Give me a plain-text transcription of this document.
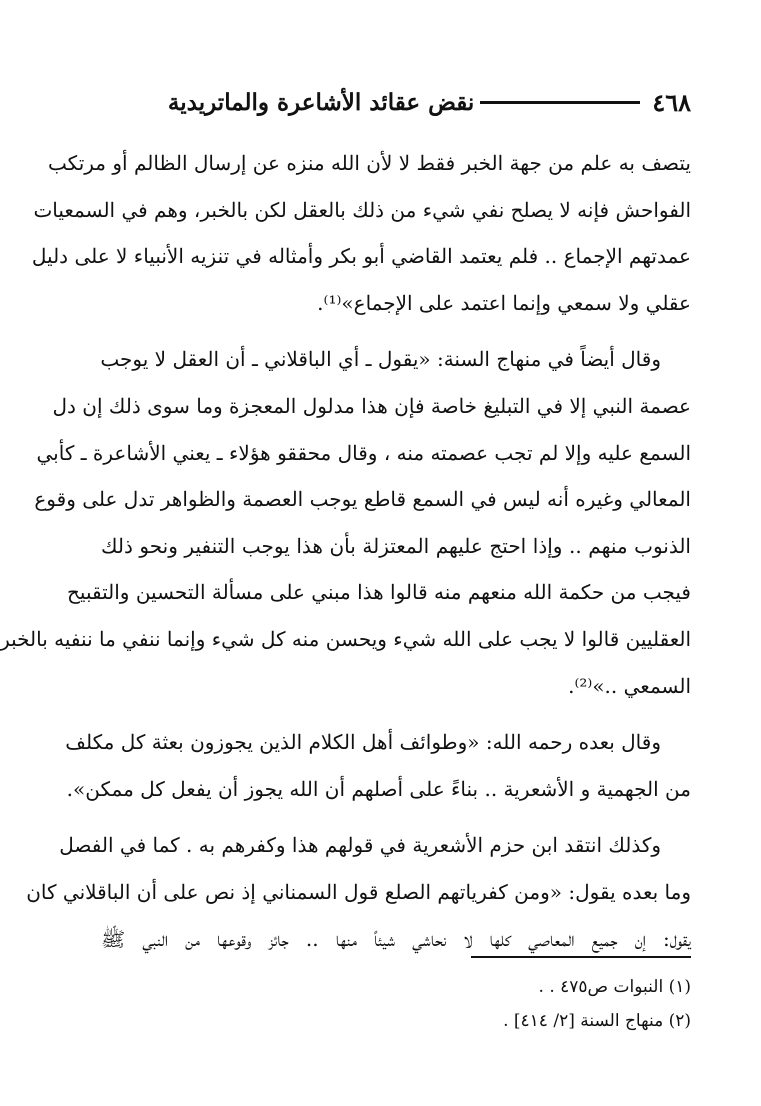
٤٦٨
نقض عقائد الأشاعرة والماتريدية
يتصف به علم من جهة الخبر فقط لا لأن الله منزه عن إرسال الظالم أو مرتكب
الفواحش فإنه لا يصلح نفي شيء من ذلك بالعقل لكن بالخبر، وهم في السمعيات
عمدتهم الإجماع .. فلم يعتمد القاضي أبو بكر وأمثاله في تنزيه الأنبياء لا على دليل
عقلي ولا سمعي وإنما اعتمد على الإجماع»⁽¹⁾.
وقال أيضاً في منهاج السنة: «يقول ـ أي الباقلاني ـ أن العقل لا يوجب
عصمة النبي إلا في التبليغ خاصة فإن هذا مدلول المعجزة وما سوى ذلك إن دل
السمع عليه وإلا لم تجب عصمته منه ، وقال محققو هؤلاء ـ يعني الأشاعرة ـ كأبي
المعالي وغيره أنه ليس في السمع قاطع يوجب العصمة والظواهر تدل على وقوع
الذنوب منهم .. وإذا احتج عليهم المعتزلة بأن هذا يوجب التنفير ونحو ذلك
فيجب من حكمة الله منعهم منه قالوا هذا مبني على مسألة التحسين والتقبيح
العقليين قالوا لا يجب على الله شيء ويحسن منه كل شيء وإنما ننفي ما ننفيه بالخبر
السمعي ..»⁽²⁾.
وقال بعده رحمه الله: «وطوائف أهل الكلام الذين يجوزون بعثة كل مكلف
من الجهمية و الأشعرية .. بناءً على أصلهم أن الله يجوز أن يفعل كل ممكن».
وكذلك انتقد ابن حزم الأشعرية في قولهم هذا وكفرهم به . كما في الفصل
وما بعده يقول: «ومن كفرياتهم الصلع قول السمناني إذ نص على أن الباقلاني كان
يقول: إن جميع المعاصي كلها لا نحاشي شيئاً منها .. جائز وقوعها من النبي ﷺ
(١) النبوات ص٤٧٥ . .
(٢) منهاج السنة [٢/ ٤١٤] .
